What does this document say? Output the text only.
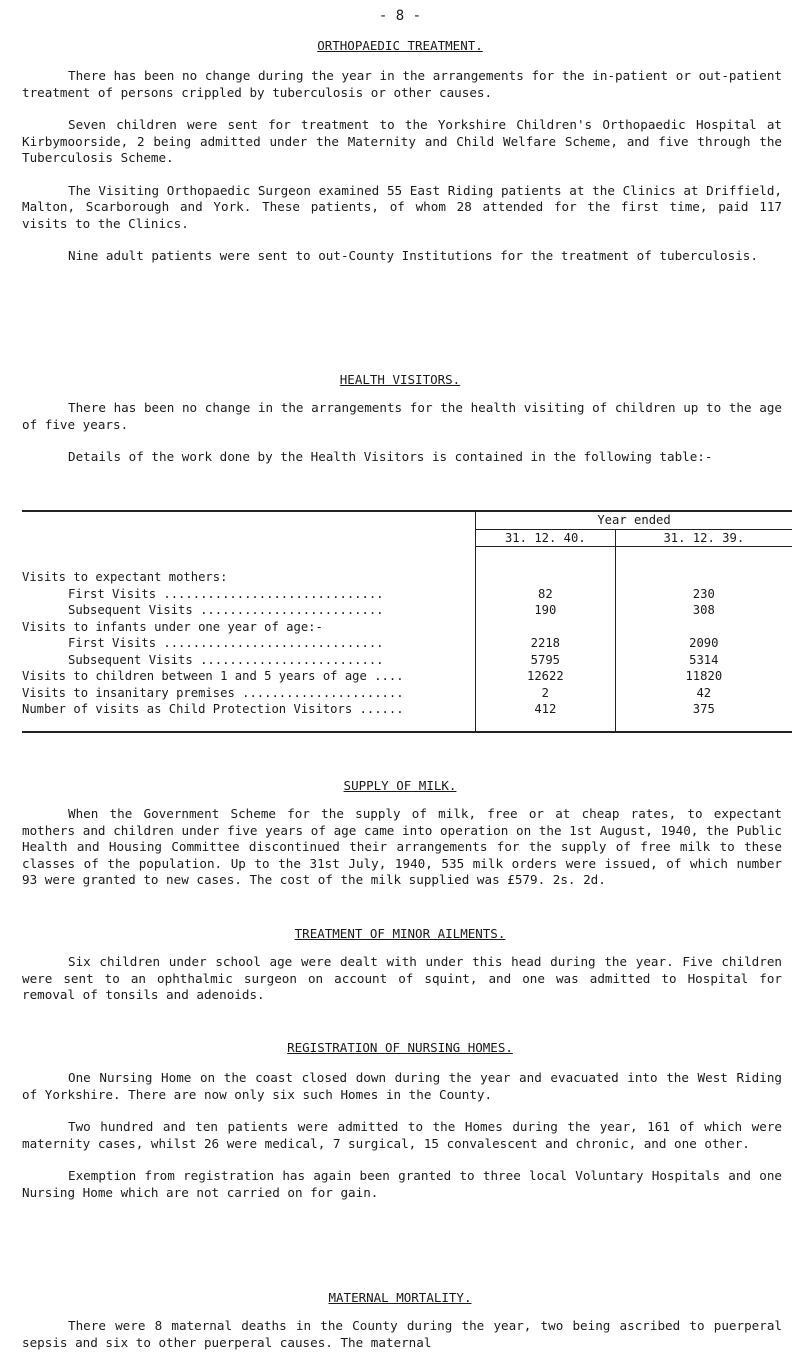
- 8 -
ORTHOPAEDIC TREATMENT.

There has been no change during the year in the arrangements for the in-patient or out-patient treatment of persons crippled by tuberculosis or other causes.

Seven children were sent for treatment to the Yorkshire Children's Orthopaedic Hospital at Kirbymoorside, 2 being admitted under the Maternity and Child Welfare Scheme, and five through the Tuberculosis Scheme.

The Visiting Orthopaedic Surgeon examined 55 East Riding patients at the Clinics at Driffield, Malton, Scarborough and York. These patients, of whom 28 attended for the first time, paid 117 visits to the Clinics.

Nine adult patients were sent to out-County Institutions for the treatment of tuberculosis.

HEALTH VISITORS.

There has been no change in the arrangements for the health visiting of children up to the age of five years.

Details of the work done by the Health Visitors is contained in the following table:-

	Year ended	
	31. 12. 40.	31. 12. 39.

Visits to expectant mothers:		
First Visits ..............................	82	230
Subsequent Visits .........................	190	308
Visits to infants under one year of age:-		
First Visits ..............................	2218	2090
Subsequent Visits .........................	5795	5314
Visits to children between 1 and 5 years of age ....	12622	11820
Visits to insanitary premises ......................	2	42
Number of visits as Child Protection Visitors ......	412	375

SUPPLY OF MILK.

When the Government Scheme for the supply of milk, free or at cheap rates, to expectant mothers and children under five years of age came into operation on the 1st August, 1940, the Public Health and Housing Committee discontinued their arrangements for the supply of free milk to these classes of the population. Up to the 31st July, 1940, 535 milk orders were issued, of which number 93 were granted to new cases. The cost of the milk supplied was £579. 2s. 2d.

TREATMENT OF MINOR AILMENTS.

Six children under school age were dealt with under this head during the year. Five children were sent to an ophthalmic surgeon on account of squint, and one was admitted to Hospital for removal of tonsils and adenoids.

REGISTRATION OF NURSING HOMES.

One Nursing Home on the coast closed down during the year and evacuated into the West Riding of Yorkshire. There are now only six such Homes in the County.

Two hundred and ten patients were admitted to the Homes during the year, 161 of which were maternity cases, whilst 26 were medical, 7 surgical, 15 convalescent and chronic, and one other.

Exemption from registration has again been granted to three local Voluntary Hospitals and one Nursing Home which are not carried on for gain.

MATERNAL MORTALITY.

There were 8 maternal deaths in the County during the year, two being ascribed to puerperal sepsis and six to other puerperal causes. The maternal
